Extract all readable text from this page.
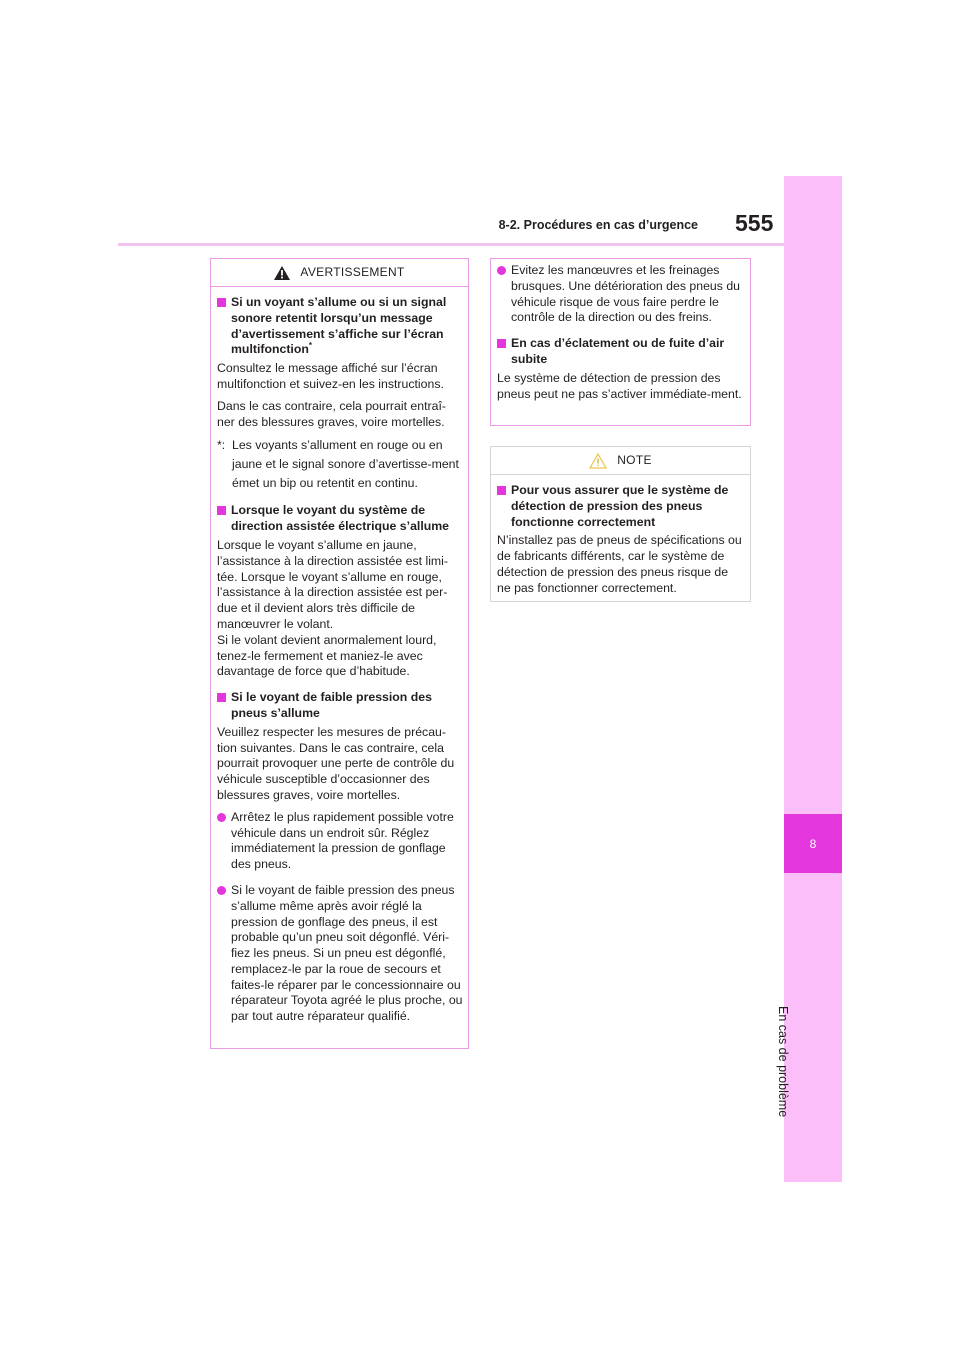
8
En cas de problème
8-2. Procédures en cas d’urgence 555
AVERTISSEMENT
Si un voyant s’allume ou si un signal sonore retentit lorsqu’un message d’avertissement s’affiche sur l’écran multifonction*

Consultez le message affiché sur l’écran multifonction et suivez-en les instructions.

Dans le cas contraire, cela pourrait entraî-ner des blessures graves, voire mortelles.

*: Les voyants s’allument en rouge ou en jaune et le signal sonore d’avertisse-ment émet un bip ou retentit en continu.
Lorsque le voyant du système de direction assistée électrique s’allume

Lorsque le voyant s’allume en jaune, l’assistance à la direction assistée est limi-tée. Lorsque le voyant s’allume en rouge, l’assistance à la direction assistée est per-due et il devient alors très difficile de manœuvrer le volant.

Si le volant devient anormalement lourd, tenez-le fermement et maniez-le avec davantage de force que d’habitude.

Si le voyant de faible pression des pneus s’allume

Veuillez respecter les mesures de précau-tion suivantes. Dans le cas contraire, cela pourrait provoquer une perte de contrôle du véhicule susceptible d’occasionner des blessures graves, voire mortelles.

Arrêtez le plus rapidement possible votre véhicule dans un endroit sûr. Réglez immédiatement la pression de gonflage des pneus.
Si le voyant de faible pression des pneus s’allume même après avoir réglé la pression de gonflage des pneus, il est probable qu’un pneu soit dégonflé. Véri-fiez les pneus. Si un pneu est dégonflé, remplacez-le par la roue de secours et faites-le réparer par le concessionnaire ou réparateur Toyota agréé le plus proche, ou par tout autre réparateur qualifié.
Evitez les manœuvres et les freinages brusques. Une détérioration des pneus du véhicule risque de vous faire perdre le contrôle de la direction ou des freins.
En cas d’éclatement ou de fuite d’air subite

Le système de détection de pression des pneus peut ne pas s’activer immédiate-ment.

NOTE
Pour vous assurer que le système de détection de pression des pneus fonctionne correctement

N’installez pas de pneus de spécifications ou de fabricants différents, car le système de détection de pression des pneus risque de ne pas fonctionner correctement.
